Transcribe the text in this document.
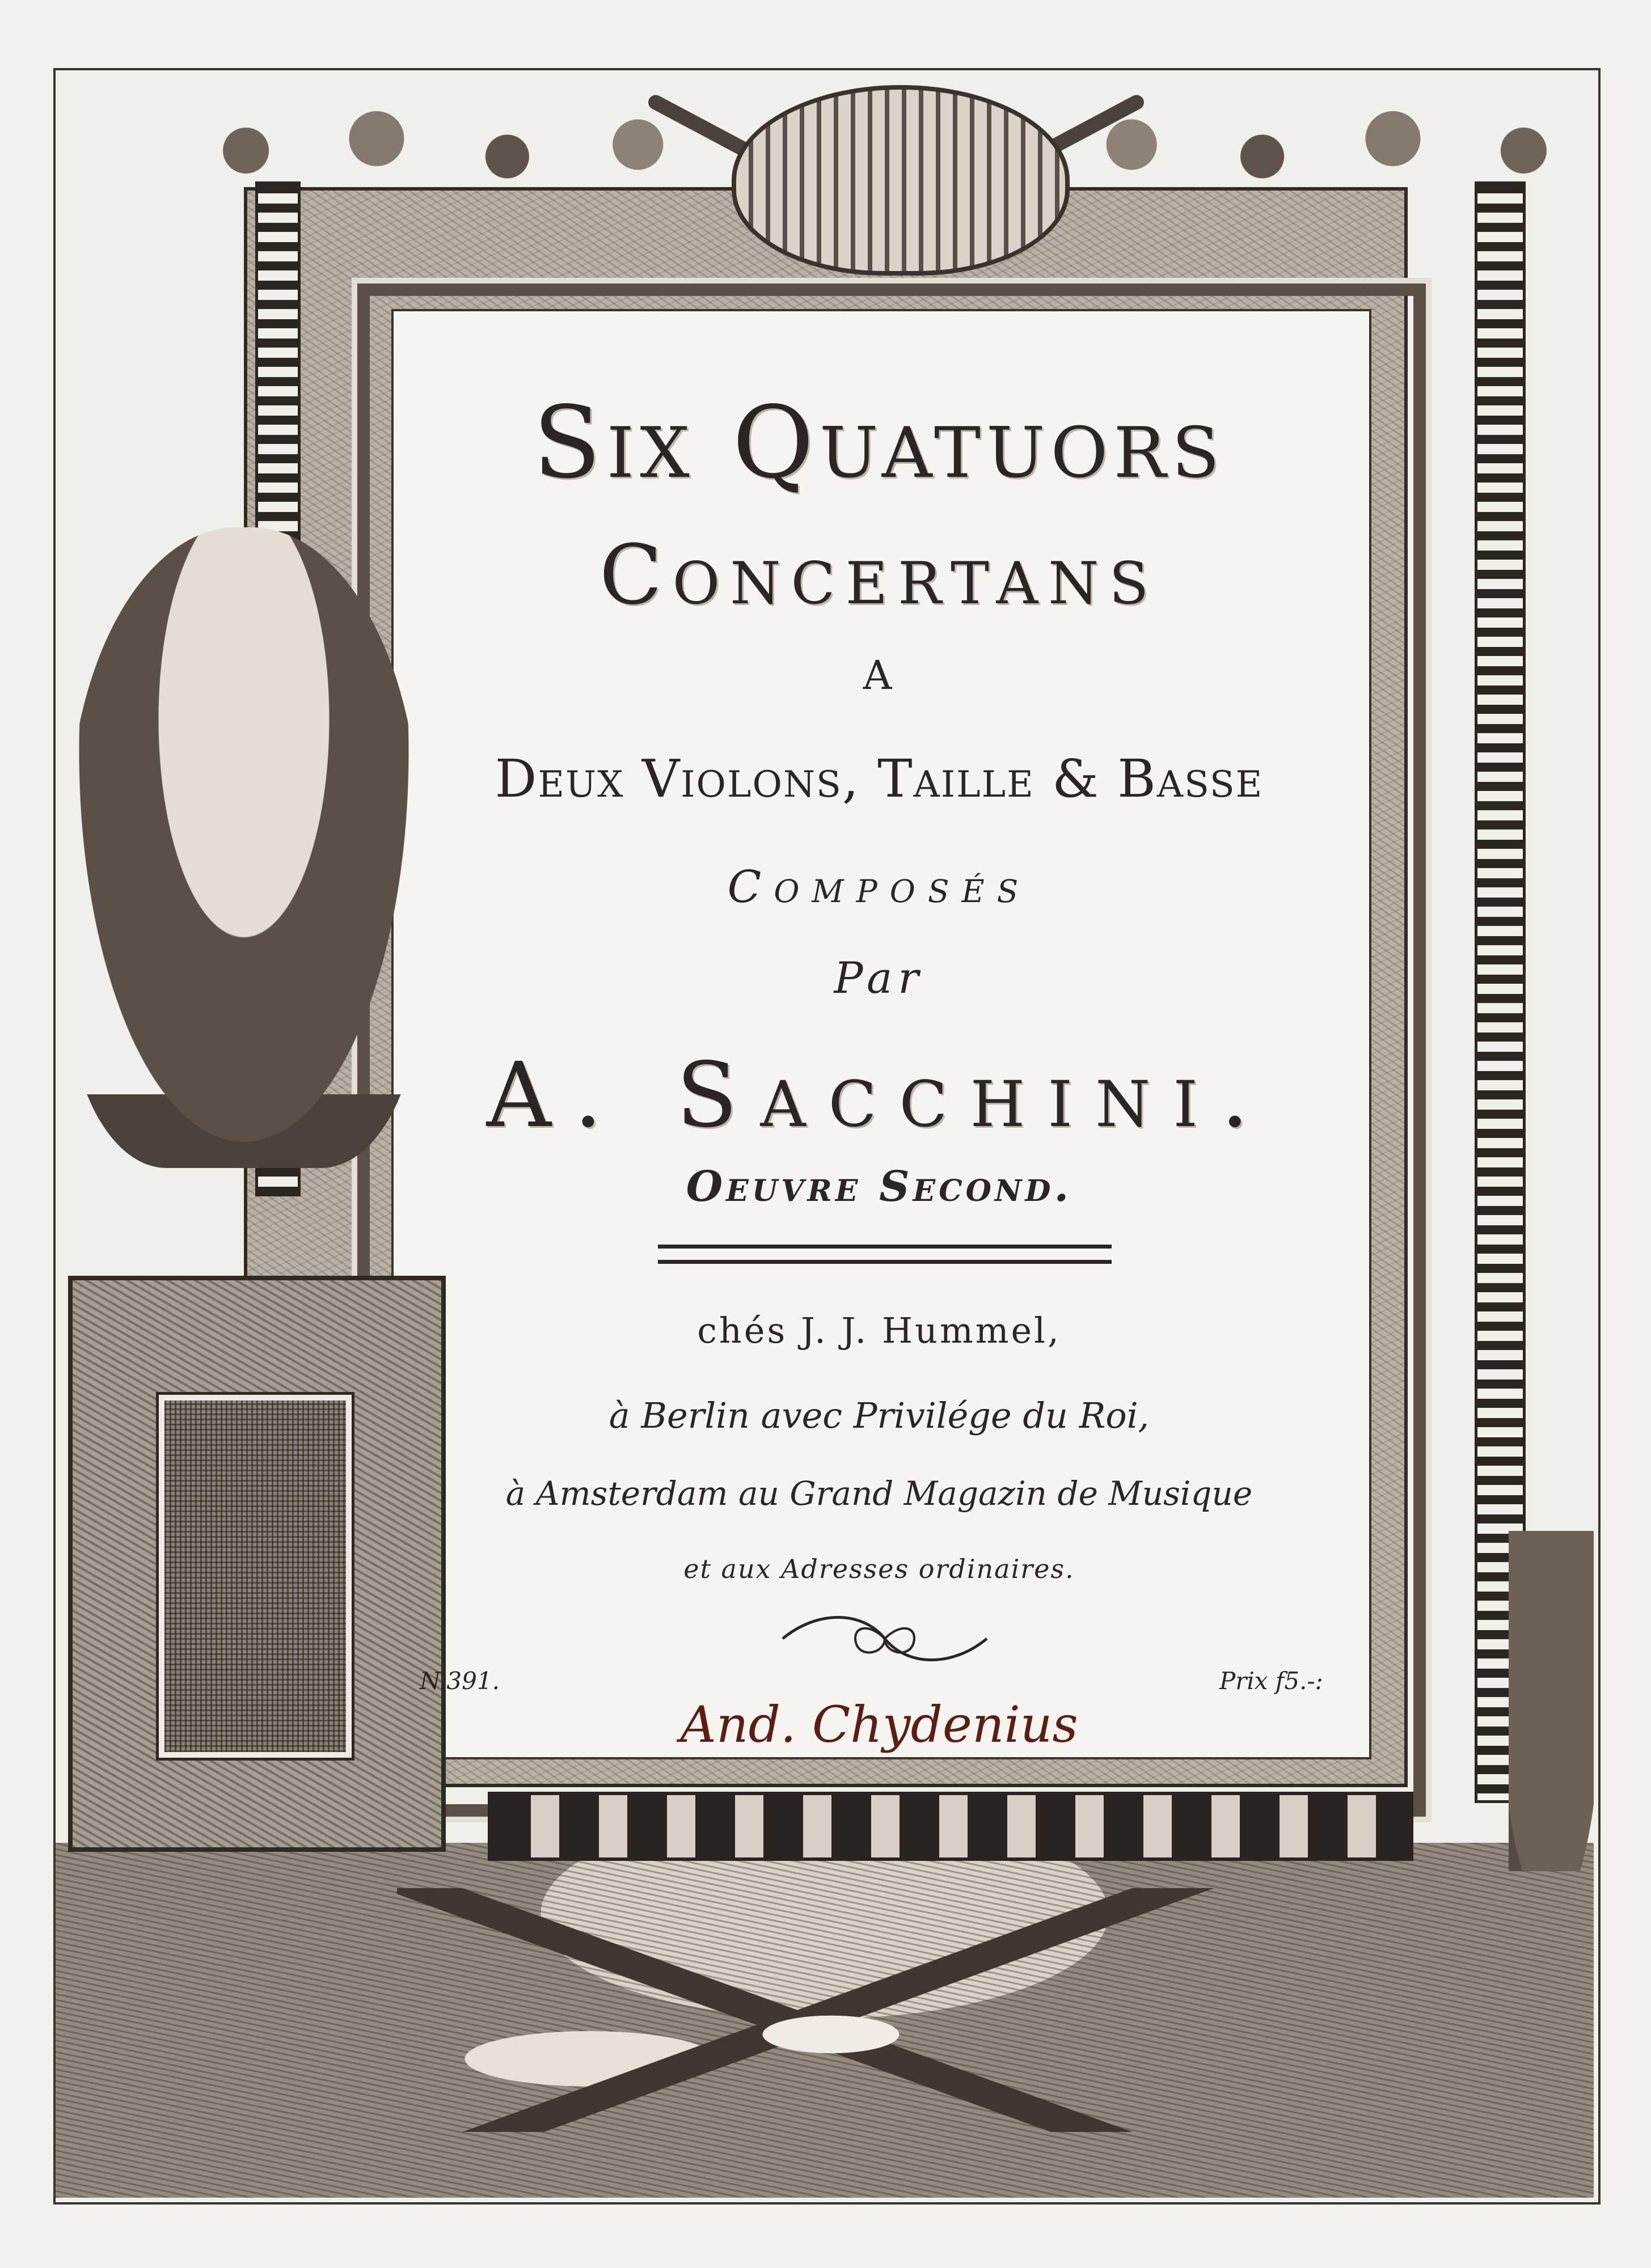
Six Quatuors
Concertans
A
Deux Violons, Taille & Basse
Composés
Par
A. Sacchini.
Oeuvre Second.
chés J. J. Hummel,
à Berlin avec Privilége du Roi,
à Amsterdam au Grand Magazin de Musique
et aux Adresses ordinaires.
N.391.	Prix f5.-:
And. Chydenius
